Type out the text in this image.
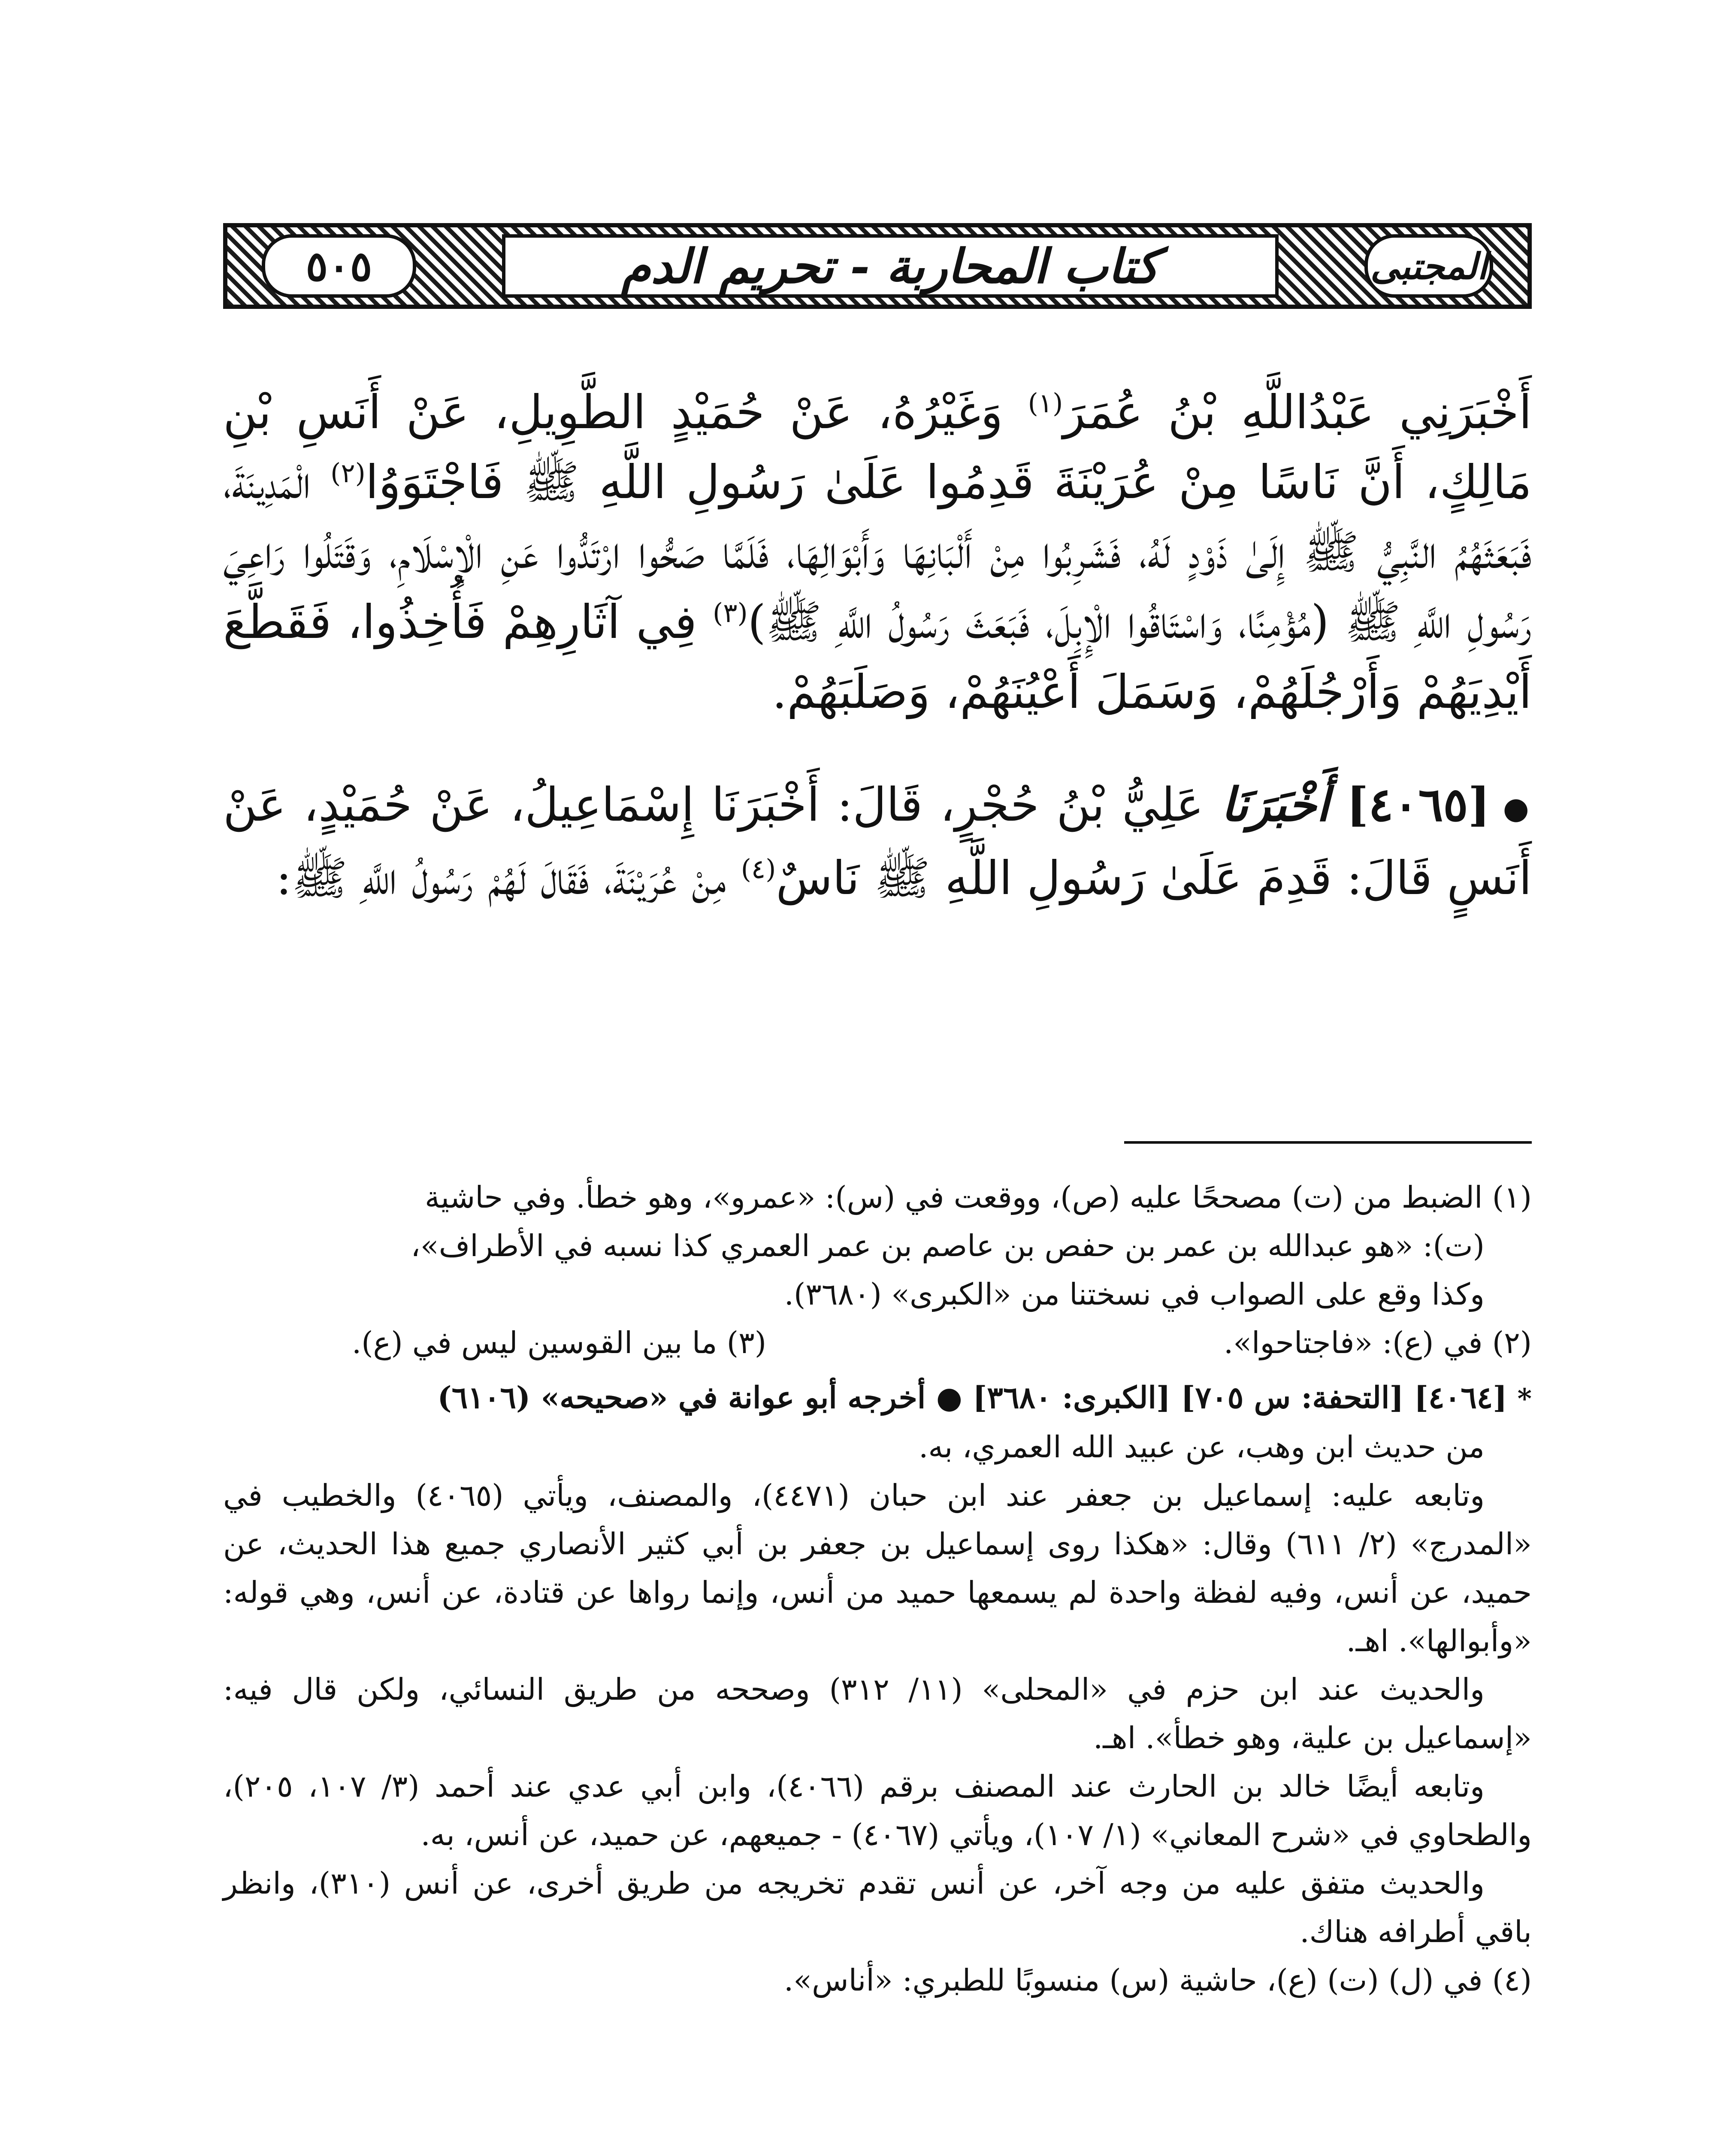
٥٠٥	كتاب المحاربة - تحريم الدم	المجتبى

أَخْبَرَنِي عَبْدُاللَّهِ بْنُ عُمَرَ$^{(١)}$ وَغَيْرُهُ، عَنْ حُمَيْدٍ الطَّوِيلِ، عَنْ أَنَسِ بْنِ مَالِكٍ، أَنَّ نَاسًا مِنْ عُرَيْنَةَ قَدِمُوا عَلَىٰ رَسُولِ اللَّهِ ﷺ فَاجْتَوَوُا$^{(٢)}$ الْمَدِينَةَ، فَبَعَثَهُمُ النَّبِيُّ ﷺ إِلَىٰ ذَوْدٍ لَهُ، فَشَرِبُوا مِنْ أَلْبَانِهَا وَأَبْوَالِهَا، فَلَمَّا صَحُّوا ارْتَدُّوا عَنِ الْإِسْلَامِ، وَقَتَلُوا رَاعِيَ رَسُولِ اللَّهِ ﷺ (مُؤْمِنًا، وَاسْتَاقُوا الْإِبِلَ، فَبَعَثَ رَسُولُ اللَّهِ ﷺ)$^{(٣)}$ فِي آثَارِهِمْ فَأُخِذُوا، فَقَطَّعَ أَيْدِيَهُمْ وَأَرْجُلَهُمْ، وَسَمَلَ أَعْيُنَهُمْ، وَصَلَبَهُمْ.

●[٤٠٦٥] أَخْبَرَنَا عَلِيُّ بْنُ حُجْرٍ، قَالَ: أَخْبَرَنَا إِسْمَاعِيلُ، عَنْ حُمَيْدٍ، عَنْ أَنَسٍ قَالَ: قَدِمَ عَلَىٰ رَسُولِ اللَّهِ ﷺ نَاسٌ$^{(٤)}$ مِنْ عُرَيْنَةَ، فَقَالَ لَهُمْ رَسُولُ اللَّهِ ﷺ:

(١) الضبط من (ت) مصححًا عليه (ص)، ووقعت في (س): «عمرو»، وهو خطأ. وفي حاشية

(ت): «هو عبدالله بن عمر بن حفص بن عاصم بن عمر العمري كذا نسبه في الأطراف»،

وكذا وقع على الصواب في نسختنا من «الكبرى» (٣٦٨٠).

(٢) في (ع): «فاجتاحوا».
(٣) ما بين القوسين ليس في (ع).

*[٤٠٦٤] [التحفة: س ٧٠٥] [الكبرى: ٣٦٨٠] ● أخرجه أبو عوانة في «صحيحه» (٦١٠٦)

من حديث ابن وهب، عن عبيد الله العمري، به.

وتابعه عليه: إسماعيل بن جعفر عند ابن حبان (٤٤٧١)، والمصنف، ويأتي (٤٠٦٥) والخطيب في «المدرج» (٢/ ٦١١) وقال: «هكذا روى إسماعيل بن جعفر بن أبي كثير الأنصاري جميع هذا الحديث، عن حميد، عن أنس، وفيه لفظة واحدة لم يسمعها حميد من أنس، وإنما رواها عن قتادة، عن أنس، وهي قوله: «وأبوالها». اهـ.

والحديث عند ابن حزم في «المحلى» (١١/ ٣١٢) وصححه من طريق النسائي، ولكن قال فيه: «إسماعيل بن علية، وهو خطأ». اهـ.

وتابعه أيضًا خالد بن الحارث عند المصنف برقم (٤٠٦٦)، وابن أبي عدي عند أحمد (٣/ ١٠٧، ٢٠٥)، والطحاوي في «شرح المعاني» (١/ ١٠٧)، ويأتي (٤٠٦٧) - جميعهم، عن حميد، عن أنس، به.

والحديث متفق عليه من وجه آخر، عن أنس تقدم تخريجه من طريق أخرى، عن أنس (٣١٠)، وانظر باقي أطرافه هناك.

(٤) في (ل) (ت) (ع)، حاشية (س) منسوبًا للطبري: «أناس».
